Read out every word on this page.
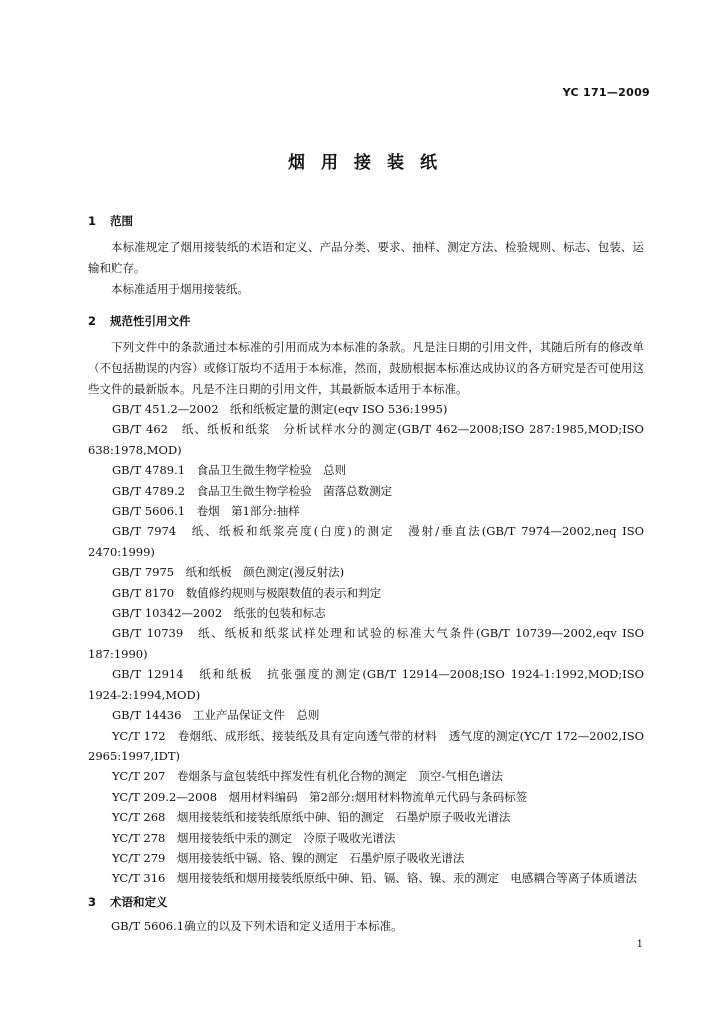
YC 171—2009
烟用接装纸
1 范围

本标准规定了烟用接装纸的术语和定义、产品分类、要求、抽样、测定方法、检验规则、标志、包装、运输和贮存。

本标准适用于烟用接装纸。

2 规范性引用文件

下列文件中的条款通过本标准的引用而成为本标准的条款。凡是注日期的引用文件，其随后所有的修改单（不包括勘误的内容）或修订版均不适用于本标准，然而，鼓励根据本标准达成协议的各方研究是否可使用这些文件的最新版本。凡是不注日期的引用文件，其最新版本适用于本标准。

GB/T 451.2—2002　纸和纸板定量的测定(eqv ISO 536:1995)
GB/T 462　纸、纸板和纸浆　分析试样水分的测定(GB/T 462—2008;ISO 287:1985,MOD;ISO 638:1978,MOD)
GB/T 4789.1　食品卫生微生物学检验　总则
GB/T 4789.2　食品卫生微生物学检验　菌落总数测定
GB/T 5606.1　卷烟　第1部分:抽样
GB/T 7974　纸、纸板和纸浆亮度(白度)的测定　漫射/垂直法(GB/T 7974—2002,neq ISO 2470:1999)
GB/T 7975　纸和纸板　颜色测定(漫反射法)
GB/T 8170　数值修约规则与极限数值的表示和判定
GB/T 10342—2002　纸张的包装和标志
GB/T 10739　纸、纸板和纸浆试样处理和试验的标准大气条件(GB/T 10739—2002,eqv ISO 187:1990)
GB/T 12914　纸和纸板　抗张强度的测定(GB/T 12914—2008;ISO 1924-1:1992,MOD;ISO 1924-2:1994,MOD)
GB/T 14436　工业产品保证文件　总则
YC/T 172　卷烟纸、成形纸、接装纸及具有定向透气带的材料　透气度的测定(YC/T 172—2002,ISO 2965:1997,IDT)
YC/T 207　卷烟条与盒包装纸中挥发性有机化合物的测定　顶空-气相色谱法
YC/T 209.2—2008　烟用材料编码　第2部分:烟用材料物流单元代码与条码标签
YC/T 268　烟用接装纸和接装纸原纸中砷、铅的测定　石墨炉原子吸收光谱法
YC/T 278　烟用接装纸中汞的测定　冷原子吸收光谱法
YC/T 279　烟用接装纸中镉、铬、镍的测定　石墨炉原子吸收光谱法
YC/T 316　烟用接装纸和烟用接装纸原纸中砷、铅、镉、铬、镍、汞的测定　电感耦合等离子体质谱法
3 术语和定义

GB/T 5606.1确立的以及下列术语和定义适用于本标准。

1
